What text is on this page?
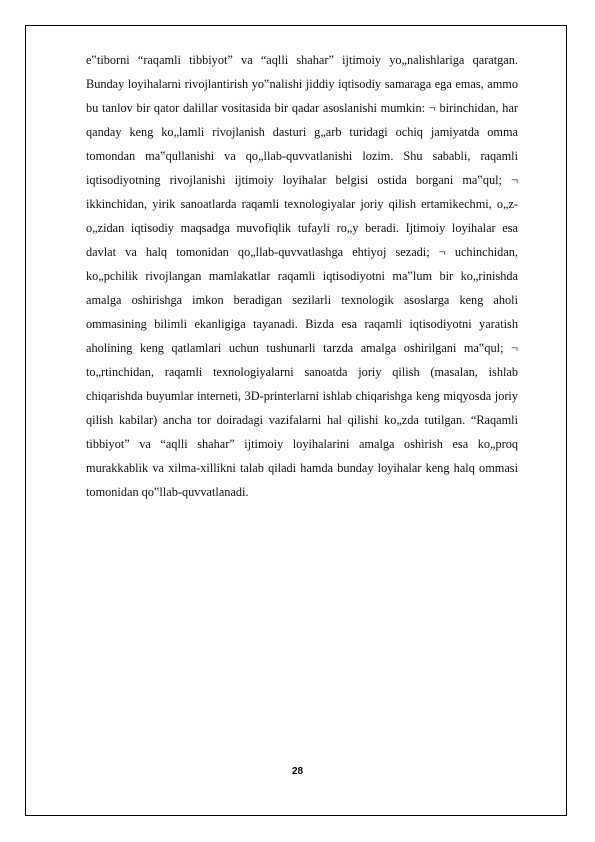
e‟tiborni “raqamli tibbiyot” va “aqlli shahar” ijtimoiy yo„nalishlariga qaratgan. Bunday loyihalarni rivojlantirish yo‟nalishi jiddiy iqtisodiy samaraga ega emas, ammo bu tanlov bir qator dalillar vositasida bir qadar asoslanishi mumkin: ¬ birinchidan, har qanday keng ko„lamli rivojlanish dasturi g„arb turidagi ochiq jamiyatda omma tomondan ma‟qullanishi va qo„llab-quvvatlanishi lozim. Shu sababli, raqamli iqtisodiyotning rivojlanishi ijtimoiy loyihalar belgisi ostida borgani ma‟qul; ¬ ikkinchidan, yirik sanoatlarda raqamli texnologiyalar joriy qilish ertamikechmi, o„z-o„zidan iqtisodiy maqsadga muvofiqlik tufayli ro„y beradi. Ijtimoiy loyihalar esa davlat va halq tomonidan qo„llab-quvvatlashga ehtiyoj sezadi; ¬ uchinchidan, ko„pchilik rivojlangan mamlakatlar raqamli iqtisodiyotni ma‟lum bir ko„rinishda amalga oshirishga imkon beradigan sezilarli texnologik asoslarga keng aholi ommasining bilimli ekanligiga tayanadi. Bizda esa raqamli iqtisodiyotni yaratish aholining keng qatlamlari uchun tushunarli tarzda amalga oshirilgani ma‟qul; ¬ to„rtinchidan, raqamli texnologiyalarni sanoatda joriy qilish (masalan, ishlab chiqarishda buyumlar interneti, 3D-printerlarni ishlab chiqarishga keng miqyosda joriy qilish kabilar) ancha tor doiradagi vazifalarni hal qilishi ko„zda tutilgan. “Raqamli tibbiyot” va “aqlli shahar” ijtimoiy loyihalarini amalga oshirish esa ko„proq murakkablik va xilma-xillikni talab qiladi hamda bunday loyihalar keng halq ommasi tomonidan qo‟llab-quvvatlanadi.

28
